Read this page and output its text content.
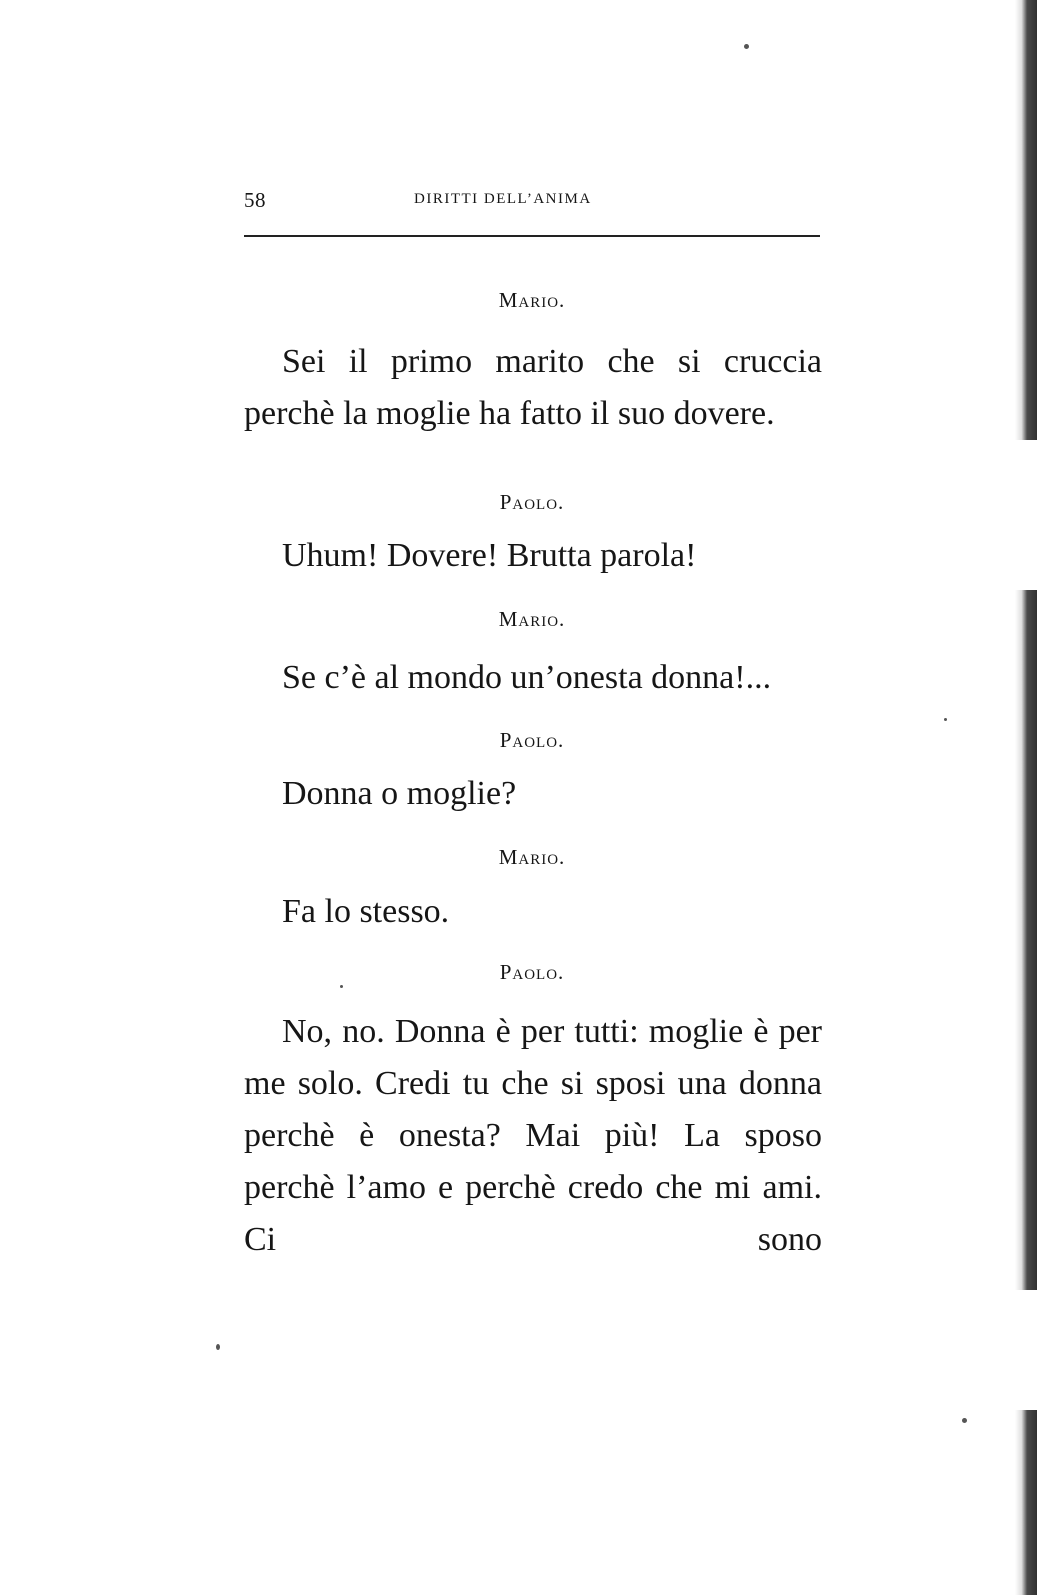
58	DIRITTI DELL’ANIMA
Mario.
Sei il primo marito che si cruccia perchè la moglie ha fatto il suo dovere.
Paolo.
Uhum! Dovere! Brutta parola!
Mario.
Se c’è al mondo un’onesta donna!...
Paolo.
Donna o moglie?
Mario.
Fa lo stesso.
Paolo.
No, no. Donna è per tutti: moglie è per me solo. Credi tu che si sposi una donna perchè è onesta? Mai più! La sposo perchè l’amo e perchè credo che mi ami. Ci sono
